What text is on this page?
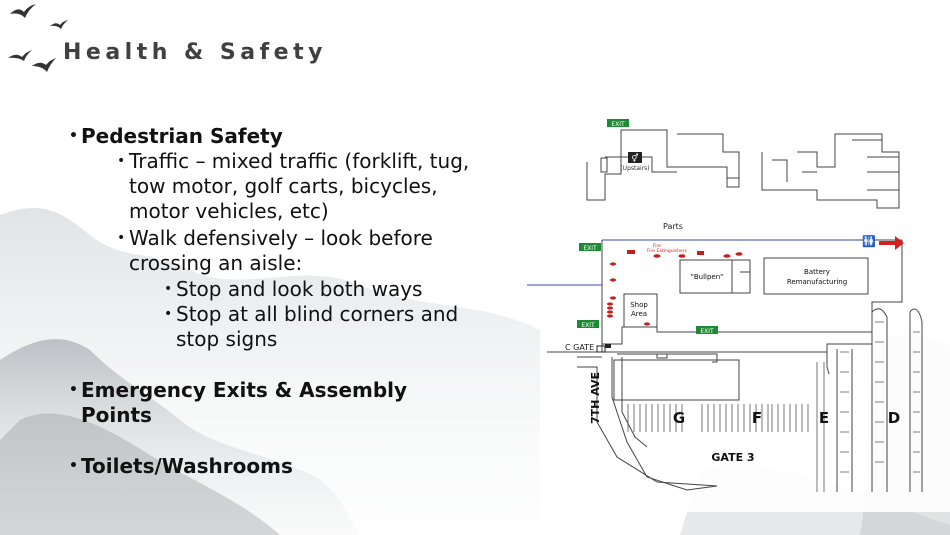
Health & Safety
• Pedestrian Safety
• Traffic – mixed traffic (forklift, tug, tow motor, golf carts, bicycles, motor vehicles, etc)
• Walk defensively – look before crossing an aisle:
• Stop and look both ways
• Stop at all blind corners and stop signs
• Emergency Exits & Assembly Points
• Toilets/Washrooms
EXIT
⚥
(Upstairs)
Parts
"Bullpen"
Battery
Remanufacturing
Shop
Area
Fire
Fire Extinguishers
EXIT
EXIT
EXIT
🚻
C GATE
7TH AVE	G	F	E	D
GATE 3
